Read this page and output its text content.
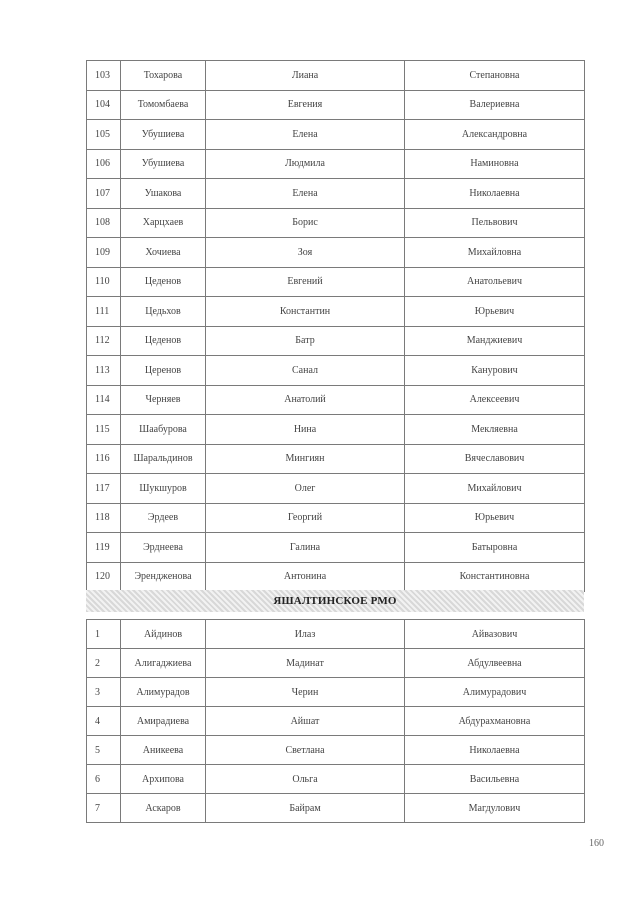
103	Тохарова	Лиана	Степановна
104	Томомбаева	Евгения	Валериевна
105	Убушиева	Елена	Александровна
106	Убушиева	Людмила	Наминовна
107	Ушакова	Елена	Николаевна
108	Харцхаев	Борис	Пельвович
109	Хочиева	Зоя	Михайловна
110	Цеденов	Евгений	Анатольевич
111	Цедьхов	Константин	Юрьевич
112	Цеденов	Батр	Манджиевич
113	Церенов	Санал	Канурович
114	Черняев	Анатолий	Алексеевич
115	Шаабурова	Нина	Мекляевна
116	Шаральдинов	Мингиян	Вячеславович
117	Шукшуров	Олег	Михайлович
118	Эрдеев	Георгий	Юрьевич
119	Эрднеева	Галина	Батыровна
120	Эрендженова	Антонина	Константиновна
ЯШАЛТИНСКОЕ РМО
1	Айдинов	Илаз	Айвазович
2	Алигаджиева	Мадинат	Абдулвеевна
3	Алимурадов	Черин	Алимурадович
4	Амирадиева	Айшат	Абдурахмановна
5	Аникеева	Светлана	Николаевна
6	Архипова	Ольга	Васильевна
7	Аскаров	Байрам	Магдулович
160
